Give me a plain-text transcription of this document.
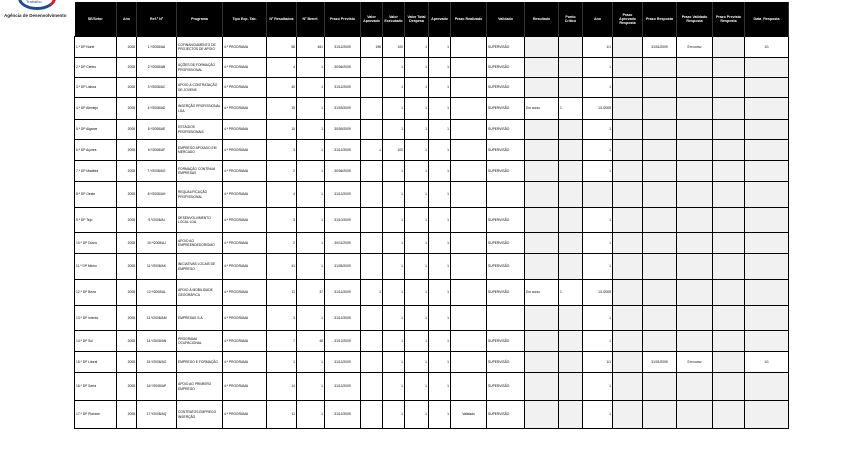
Trabalho
Agência de Desenvolvimento
SE/Setor	Ano	Ref.ª Nº	Programa	Tipo Exp. Tab.	Nº Resultados	Nº Benef.	Prazo Previsto	Valor Aprovado	Valor Executado	Valor Total Despesa	Aprovado	Prazo Realizado	Validado	Resultado	Ponto Critico	Ano	Prazo Aprovado Resposta	Prazo Resposta	Prazo Validado Resposta	Prazo Previsto Resposta	Data_Resposta
1.ª DP Norte	2008	1.ª/2008/AA	COFINANCIAMENTO DE PROJECTOS DE APOIO	4.ª PROGRAMA	58	461	31/12/2009	196	100	1	1		SUPERVISÃO			1/1		31/01/2009	Em curso		1/1
2.ª DP Centro	2008	2.ª/2008/AB	AÇÕES DE FORMAÇÃO PROFISSIONAL	4.ª PROGRAMA	4	1	30/06/2009		1	1	1		SUPERVISÃO			1					
3.ª DP Lisboa	2008	3.ª/2008/AC	APOIO À CONTRATAÇÃO DE JOVENS	4.ª PROGRAMA	40	1	31/12/2009		1	1	1		SUPERVISÃO			1					
4.ª DP Alentejo	2008	4.ª/2008/AD	INSERÇÃO PROFISSIONAL LDA.	4.ª PROGRAMA	15	1	31/03/2009		1	1	1		SUPERVISÃO	Em curso	1	1/1/2009					
5.ª DP Algarve	2008	5.ª/2008/AE	ESTÁGIOS PROFISSIONAIS	4.ª PROGRAMA	10	1	30/09/2009		1	1	1		SUPERVISÃO			1					
6.ª DP Açores	2008	6.ª/2008/AF	EMPREGO APOIADO EM MERCADO	4.ª PROGRAMA	3	1	31/12/2009	1	100	1	1		SUPERVISÃO			1					
7.ª DP Madeira	2008	7.ª/2008/AG	FORMAÇÃO CONTÍNUA EMPRESAS	4.ª PROGRAMA	2	1	30/06/2009		1	1	1		SUPERVISÃO			1					
8.ª DP Oeste	2008	8.ª/2008/AH	REQUALIFICAÇÃO PROFISSIONAL	4.ª PROGRAMA	4	1	31/12/2009		1	1	1										
9.ª DP Tejo	2008	9.ª/2008/AI	DESENVOLVIMENTO LOCAL LDA.	4.ª PROGRAMA	3	1	31/10/2009		1	1	1		SUPERVISÃO			1					
10.ª DP Douro	2008	10.ª/2008/AJ	APOIO AO EMPREENDEDORISMO	4.ª PROGRAMA	2	1	30/11/2009		1	1	1		SUPERVISÃO			1					
11.ª DP Minho	2008	11.ª/2008/AK	INICIATIVAS LOCAIS DE EMPREGO	4.ª PROGRAMA	41	1	31/05/2009		1	1	1		SUPERVISÃO			1					
12.ª DP Beira	2008	12.ª/2008/AL	APOIO À MOBILIDADE GEOGRÁFICA	4.ª PROGRAMA	11	37	31/12/2009	1	1	1	1		SUPERVISÃO	Em curso	1	1/1/2009					
13.ª DP Interior	2008	13.ª/2008/AM	EMPRESAS S.A.	4.ª PROGRAMA	3	1	31/12/2009		1	1	1					1					
14.ª DP Sul	2008	14.ª/2008/AN	PROGRAMA OCUPACIONAL	4.ª PROGRAMA	7	48	31/12/2009		1	1	1		SUPERVISÃO			1					
15.ª DP Litoral	2008	15.ª/2008/AO	EMPREGO E FORMAÇÃO	4.ª PROGRAMA	1	1	31/12/2009		1	1	1		SUPERVISÃO			1/1		31/01/2009	Em curso		1/1
16.ª DP Serra	2008	16.ª/2008/AP	APOIO AO PRIMEIRO EMPREGO	4.ª PROGRAMA	14	1	31/12/2009		1	1	1		SUPERVISÃO			1					
17.ª DP Planície	2008	17.ª/2008/AQ	CONTRATOS EMPREGO INSERÇÃO	4.ª PROGRAMA	11	1	31/12/2009		1	1	1	Validado	SUPERVISÃO			1					
